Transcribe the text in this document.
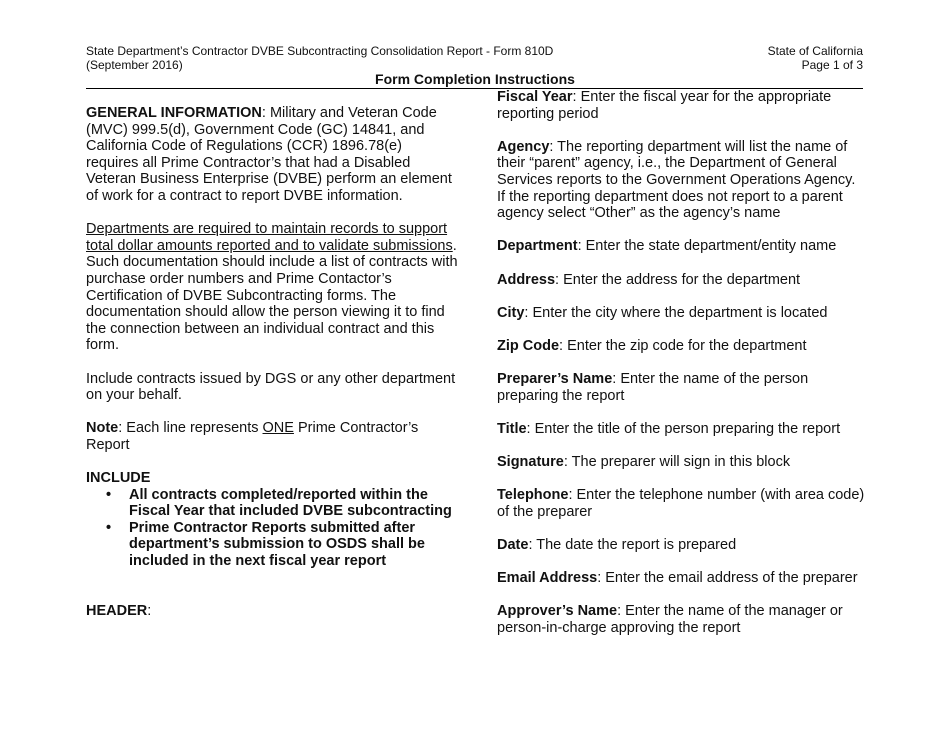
State Department’s Contractor DVBE Subcontracting Consolidation Report - Form 810D
(September 2016)
State of California
Page 1 of 3
Form Completion Instructions

GENERAL INFORMATION: Military and Veteran Code (MVC) 999.5(d), Government Code (GC) 14841, and California Code of Regulations (CCR) 1896.78(e) requires all Prime Contractor’s that had a Disabled Veteran Business Enterprise (DVBE) perform an element of work for a contract to report DVBE information.

Departments are required to maintain records to support total dollar amounts reported and to validate submissions. Such documentation should include a list of contracts with purchase order numbers and Prime Contactor’s Certification of DVBE Subcontracting forms. The documentation should allow the person viewing it to find the connection between an individual contract and this form.

Include contracts issued by DGS or any other department on your behalf.

Note: Each line represents ONE Prime Contractor’s Report

INCLUDE
• All contracts completed/reported within the Fiscal Year that included DVBE subcontracting
• Prime Contractor Reports submitted after department’s submission to OSDS shall be included in the next fiscal year report
HEADER:

Fiscal Year: Enter the fiscal year for the appropriate reporting period

Agency: The reporting department will list the name of their “parent” agency, i.e., the Department of General Services reports to the Government Operations Agency. If the reporting department does not report to a parent agency select “Other” as the agency’s name

Department: Enter the state department/entity name

Address: Enter the address for the department

City: Enter the city where the department is located

Zip Code: Enter the zip code for the department

Preparer’s Name: Enter the name of the person preparing the report

Title: Enter the title of the person preparing the report

Signature: The preparer will sign in this block

Telephone: Enter the telephone number (with area code) of the preparer

Date: The date the report is prepared

Email Address: Enter the email address of the preparer

Approver’s Name: Enter the name of the manager or person-in-charge approving the report
